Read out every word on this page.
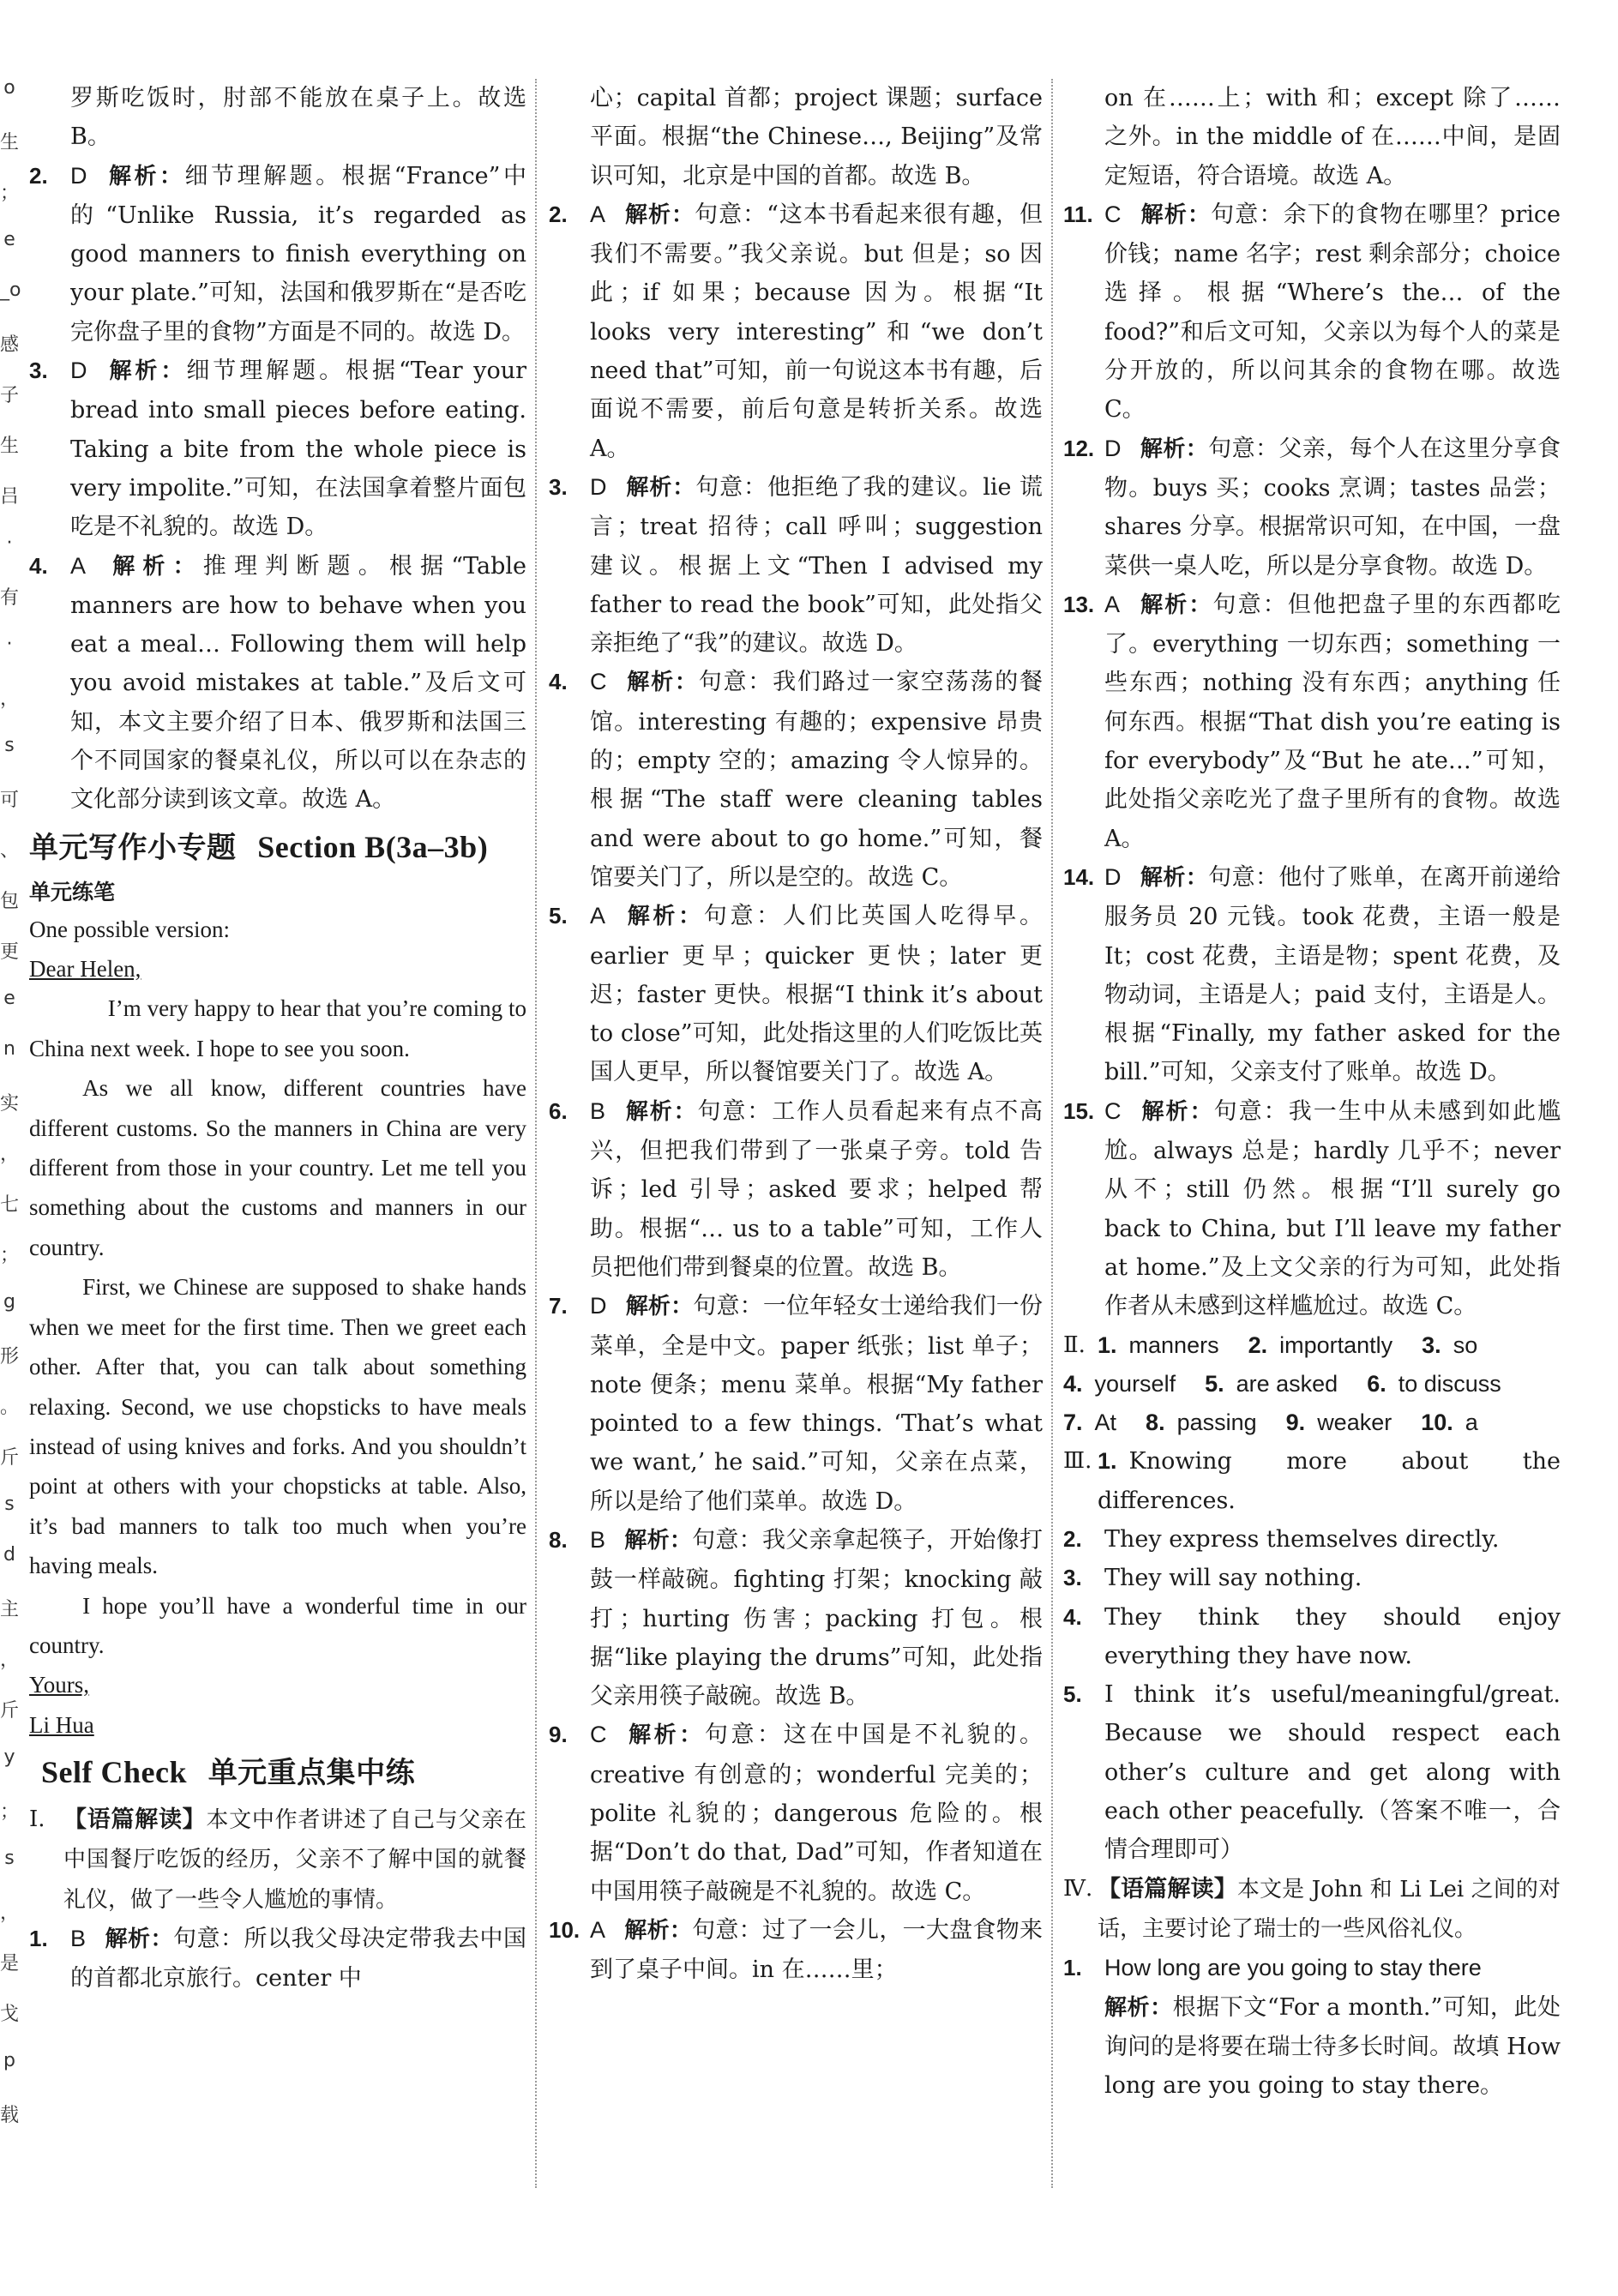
o
生
；
e
_o
感
子
生
吕
·
有
·
，
s
可
、
包
更
e
n
实
，
七
；
g
形
。
斤
s
d
主
，
斤
y
；
s
，
是
戈
p
载
罗斯吃饭时，肘部不能放在桌子上。故选 B。
2. D 解析：细节理解题。根据“France”中的“Unlike Russia, it’s regarded as good manners to finish everything on your plate.”可知，法国和俄罗斯在“是否吃完你盘子里的食物”方面是不同的。故选 D。
3. D 解析：细节理解题。根据“Tear your bread into small pieces before eating. Taking a bite from the whole piece is very impolite.”可知，在法国拿着整片面包吃是不礼貌的。故选 D。
4. A 解析：推理判断题。根据“Table manners are how to behave when you eat a meal… Following them will help you avoid mistakes at table.”及后文可知，本文主要介绍了日本、俄罗斯和法国三个不同国家的餐桌礼仪，所以可以在杂志的文化部分读到该文章。故选 A。
单元写作小专题 Section B(3a–3b)
单元练笔
One possible version:
Dear Helen,
I’m very happy to hear that you’re coming to China next week. I hope to see you soon.
As we all know, different countries have different customs. So the manners in China are very different from those in your country. Let me tell you something about the customs and manners in our country.
First, we Chinese are supposed to shake hands when we meet for the first time. Then we greet each other. After that, you can talk about something relaxing. Second, we use chopsticks to have meals instead of using knives and forks. And you shouldn’t point at others with your chopsticks at table. Also, it’s bad manners to talk too much when you’re having meals.
I hope you’ll have a wonderful time in our country.
Yours,
Li Hua
Self Check 单元重点集中练
Ⅰ. 【语篇解读】本文中作者讲述了自己与父亲在中国餐厅吃饭的经历，父亲不了解中国的就餐礼仪，做了一些令人尴尬的事情。
1. B 解析：句意：所以我父母决定带我去中国的首都北京旅行。center 中
心；capital 首都；project 课题；surface 平面。根据“the Chinese…, Beijing”及常识可知，北京是中国的首都。故选 B。
2. A 解析：句意：“这本书看起来很有趣，但我们不需要。”我父亲说。but 但是；so 因此；if 如果；because 因为。根据“It looks very interesting”和“we don’t need that”可知，前一句说这本书有趣，后面说不需要，前后句意是转折关系。故选 A。
3. D 解析：句意：他拒绝了我的建议。lie 谎言；treat 招待；call 呼叫；suggestion 建议。根据上文“Then I advised my father to read the book”可知，此处指父亲拒绝了“我”的建议。故选 D。
4. C 解析：句意：我们路过一家空荡荡的餐馆。interesting 有趣的；expensive 昂贵的；empty 空的；amazing 令人惊异的。根据“The staff were cleaning tables and were about to go home.”可知，餐馆要关门了，所以是空的。故选 C。
5. A 解析：句意：人们比英国人吃得早。earlier 更早；quicker 更快；later 更迟；faster 更快。根据“I think it’s about to close”可知，此处指这里的人们吃饭比英国人更早，所以餐馆要关门了。故选 A。
6. B 解析：句意：工作人员看起来有点不高兴，但把我们带到了一张桌子旁。told 告诉；led 引导；asked 要求；helped 帮助。根据“… us to a table”可知，工作人员把他们带到餐桌的位置。故选 B。
7. D 解析：句意：一位年轻女士递给我们一份菜单，全是中文。paper 纸张；list 单子；note 便条；menu 菜单。根据“My father pointed to a few things. ‘That’s what we want,’ he said.”可知，父亲在点菜，所以是给了他们菜单。故选 D。
8. B 解析：句意：我父亲拿起筷子，开始像打鼓一样敲碗。fighting 打架；knocking 敲打；hurting 伤害；packing 打包。根据“like playing the drums”可知，此处指父亲用筷子敲碗。故选 B。
9. C 解析：句意：这在中国是不礼貌的。creative 有创意的；wonderful 完美的；polite 礼貌的；dangerous 危险的。根据“Don’t do that, Dad”可知，作者知道在中国用筷子敲碗是不礼貌的。故选 C。
10. A 解析：句意：过了一会儿，一大盘食物来到了桌子中间。in 在……里；
on 在……上；with 和；except 除了……之外。in the middle of 在……中间，是固定短语，符合语境。故选 A。
11. C 解析：句意：余下的食物在哪里？price 价钱；name 名字；rest 剩余部分；choice 选择。根据“Where’s the… of the food?”和后文可知，父亲以为每个人的菜是分开放的，所以问其余的食物在哪。故选 C。
12. D 解析：句意：父亲，每个人在这里分享食物。buys 买；cooks 烹调；tastes 品尝；shares 分享。根据常识可知，在中国，一盘菜供一桌人吃，所以是分享食物。故选 D。
13. A 解析：句意：但他把盘子里的东西都吃了。everything 一切东西；something 一些东西；nothing 没有东西；anything 任何东西。根据“That dish you’re eating is for everybody”及“But he ate…”可知，此处指父亲吃光了盘子里所有的食物。故选 A。
14. D 解析：句意：他付了账单，在离开前递给服务员 20 元钱。took 花费，主语一般是 It；cost 花费，主语是物；spent 花费，及物动词，主语是人；paid 支付，主语是人。根据“Finally, my father asked for the bill.”可知，父亲支付了账单。故选 D。
15. C 解析：句意：我一生中从未感到如此尴尬。always 总是；hardly 几乎不；never 从不；still 仍然。根据“I’ll surely go back to China, but I’ll leave my father at home.”及上文父亲的行为可知，此处指作者从未感到这样尴尬过。故选 C。
Ⅱ. 1. manners 2. importantly 3. so
4. yourself 5. are asked 6. to discuss
7. At 8. passing 9. weaker 10. a
Ⅲ. 1. Knowing more about the differences.
2. They express themselves directly.
3. They will say nothing.
4. They think they should enjoy everything they have now.
5. I think it’s useful/meaningful/great. Because we should respect each other’s culture and get along with each other peacefully.（答案不唯一，合情合理即可）
Ⅳ. 【语篇解读】本文是 John 和 Li Lei 之间的对话，主要讨论了瑞士的一些风俗礼仪。
1. How long are you going to stay there
解析：根据下文“For a month.”可知，此处询问的是将要在瑞士待多长时间。故填 How long are you going to stay there。
